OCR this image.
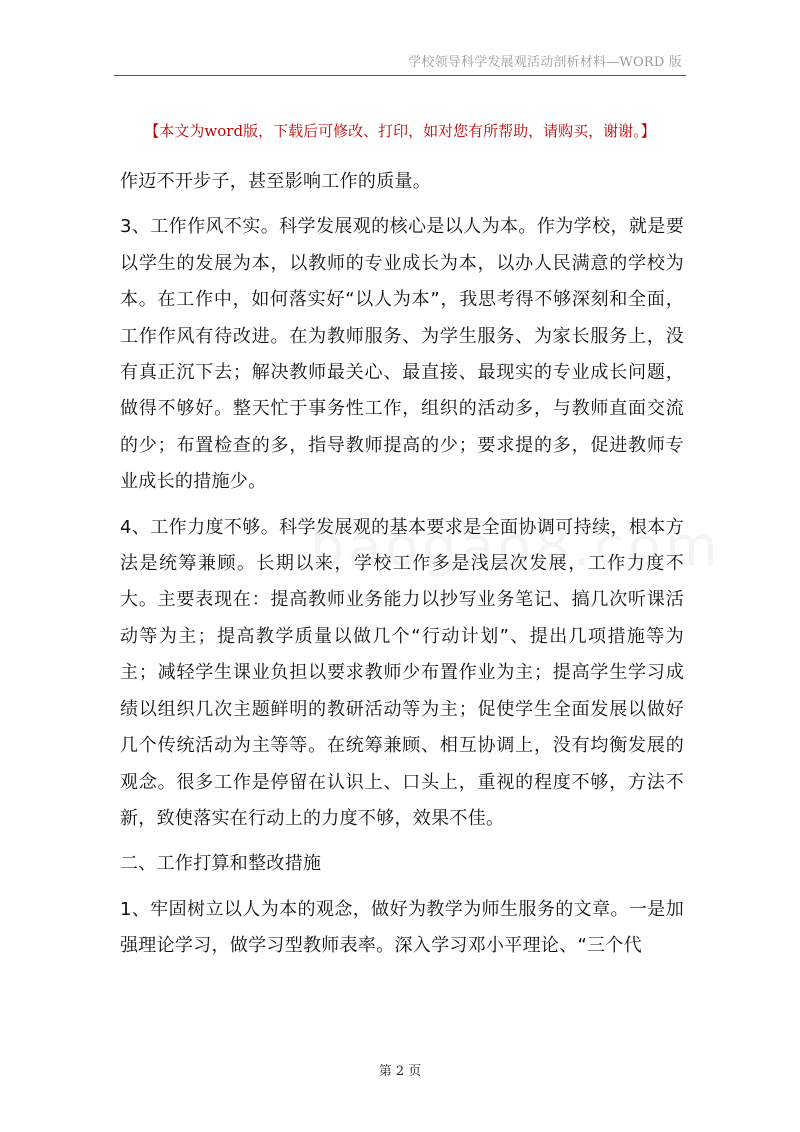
学校领导科学发展观活动剖析材料—WORD 版
【本文为word版，下载后可修改、打印，如对您有所帮助，请购买，谢谢。】

作迈不开步子，甚至影响工作的质量。

3、工作作风不实。科学发展观的核心是以人为本。作为学校，就是要以学生的发展为本，以教师的专业成长为本，以办人民满意的学校为本。在工作中，如何落实好“以人为本”，我思考得不够深刻和全面，工作作风有待改进。在为教师服务、为学生服务、为家长服务上，没有真正沉下去；解决教师最关心、最直接、最现实的专业成长问题，做得不够好。整天忙于事务性工作，组织的活动多，与教师直面交流的少；布置检查的多，指导教师提高的少；要求提的多，促进教师专业成长的措施少。

4、工作力度不够。科学发展观的基本要求是全面协调可持续，根本方法是统筹兼顾。长期以来，学校工作多是浅层次发展，工作力度不大。主要表现在：提高教师业务能力以抄写业务笔记、搞几次听课活动等为主；提高教学质量以做几个“行动计划”、提出几项措施等为主；减轻学生课业负担以要求教师少布置作业为主；提高学生学习成绩以组织几次主题鲜明的教研活动等为主；促使学生全面发展以做好几个传统活动为主等等。在统筹兼顾、相互协调上，没有均衡发展的观念。很多工作是停留在认识上、口头上，重视的程度不够，方法不新，致使落实在行动上的力度不够，效果不佳。

二、工作打算和整改措施

1、牢固树立以人为本的观念，做好为教学为师生服务的文章。一是加强理论学习，做学习型教师表率。深入学习邓小平理论、“三个代

第 2 页
